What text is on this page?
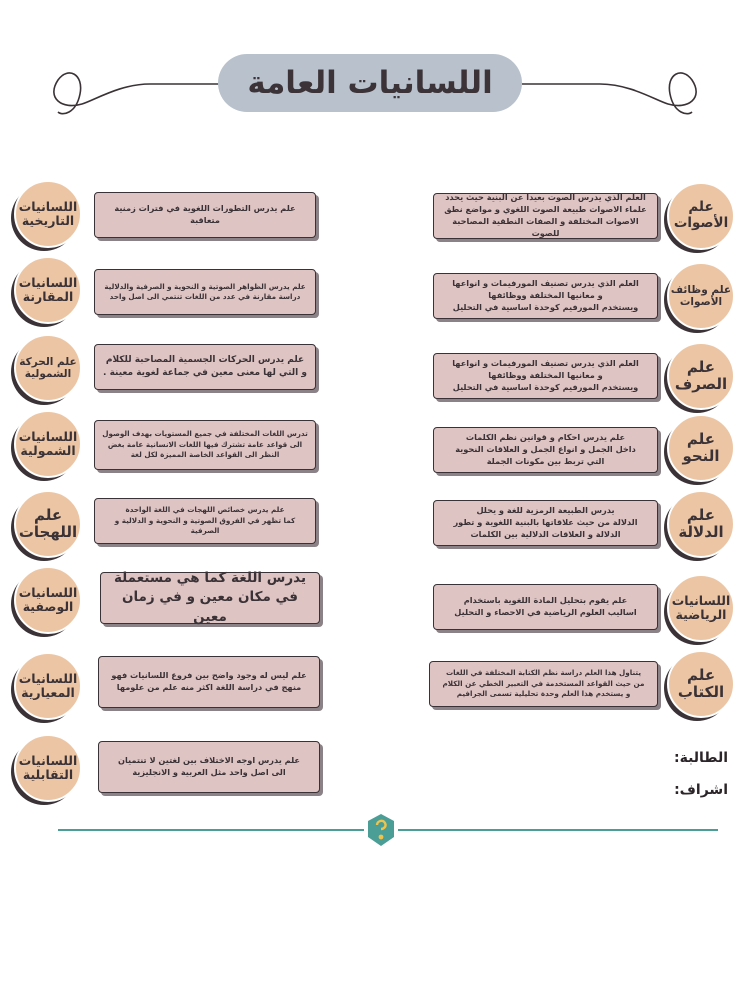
اللسانيات العامة
علم
الأصوات
العلم الذي يدرس الصوت بعيدا عن البنية حيث يحدد
علماء الاصوات طبيعة الصوت اللغوي و مواضع نطق
الاصوات المختلفة و الصفات النطقية المصاحبة للصوت
علم وظائف
الأصوات
العلم الذي يدرس تصنيف المورفيمات و انواعها
و معانيها المختلفة ووظائفها
ويستخدم المورفيم كوحدة اساسية في التحليل
علم
الصرف
العلم الذي يدرس تصنيف المورفيمات و انواعها
و معانيها المختلفة ووظائفها
ويستخدم المورفيم كوحدة اساسية في التحليل
علم
النحو
علم يدرس احكام و قوانين نظم الكلمات
داخل الجمل و انواع الجمل و العلاقات النحوية
التي تربط بين مكونات الجملة
علم
الدلالة
يدرس الطبيعة الرمزية للغة و يحلل
الدلالة من حيث علاقاتها بالبنية اللغوية و تطور
الدلالة و العلاقات الدلالية بين الكلمات
اللسانيات
الرياضية
علم يقوم بتحليل المادة اللغوية باستخدام
اساليب العلوم الرياضية في الاحصاء و التحليل
علم
الكتاب
يتناول هذا العلم دراسة نظم الكتابة المختلفة في اللغات
من حيث القواعد المستخدمة في التعبير الخطي عن الكلام
و يستخدم هذا العلم وحدة تحليلية تسمى الجرافيم
اللسانيات
التاريخية
علم يدرس التطورات اللغوية في فترات زمنية متعاقبة
اللسانيات
المقارنة
علم يدرس الظواهر الصوتية و النحوية و الصرفية والدلالية
دراسة مقارنة في عدد من اللغات تنتمي الى اصل واحد
علم الحركة
الشمولية
علم يدرس الحركات الجسمية المصاحبة للكلام
و التي لها معنى معين في جماعة لغوية معينة .
اللسانيات
الشمولية
تدرس اللغات المختلفة في جميع المستويات بهدف الوصول
الى قواعد عامة تشترك فيها اللغات الانسانية عامة بغض
النظر الى القواعد الخاصة المميزة لكل لغة
علم
اللهجات
علم يدرس خصائص اللهجات في اللغة الواحدة
كما تظهر في الفروق الصوتية و النحوية و الدلالية و الصرفية
اللسانيات
الوصفية
يدرس اللغة كما هي مستعملة
في مكان معين و في زمان معين
اللسانيات
المعيارية
علم ليس له وجود واضح بين فروع اللسانيات فهو
منهج في دراسة اللغة اكثر منه علم من علومها
اللسانيات
التقابلية
علم يدرس اوجه الاختلاف بين لغتين لا تنتميان
الى اصل واحد مثل العربية و الانجليزية
الطالبة:
اشراف:
